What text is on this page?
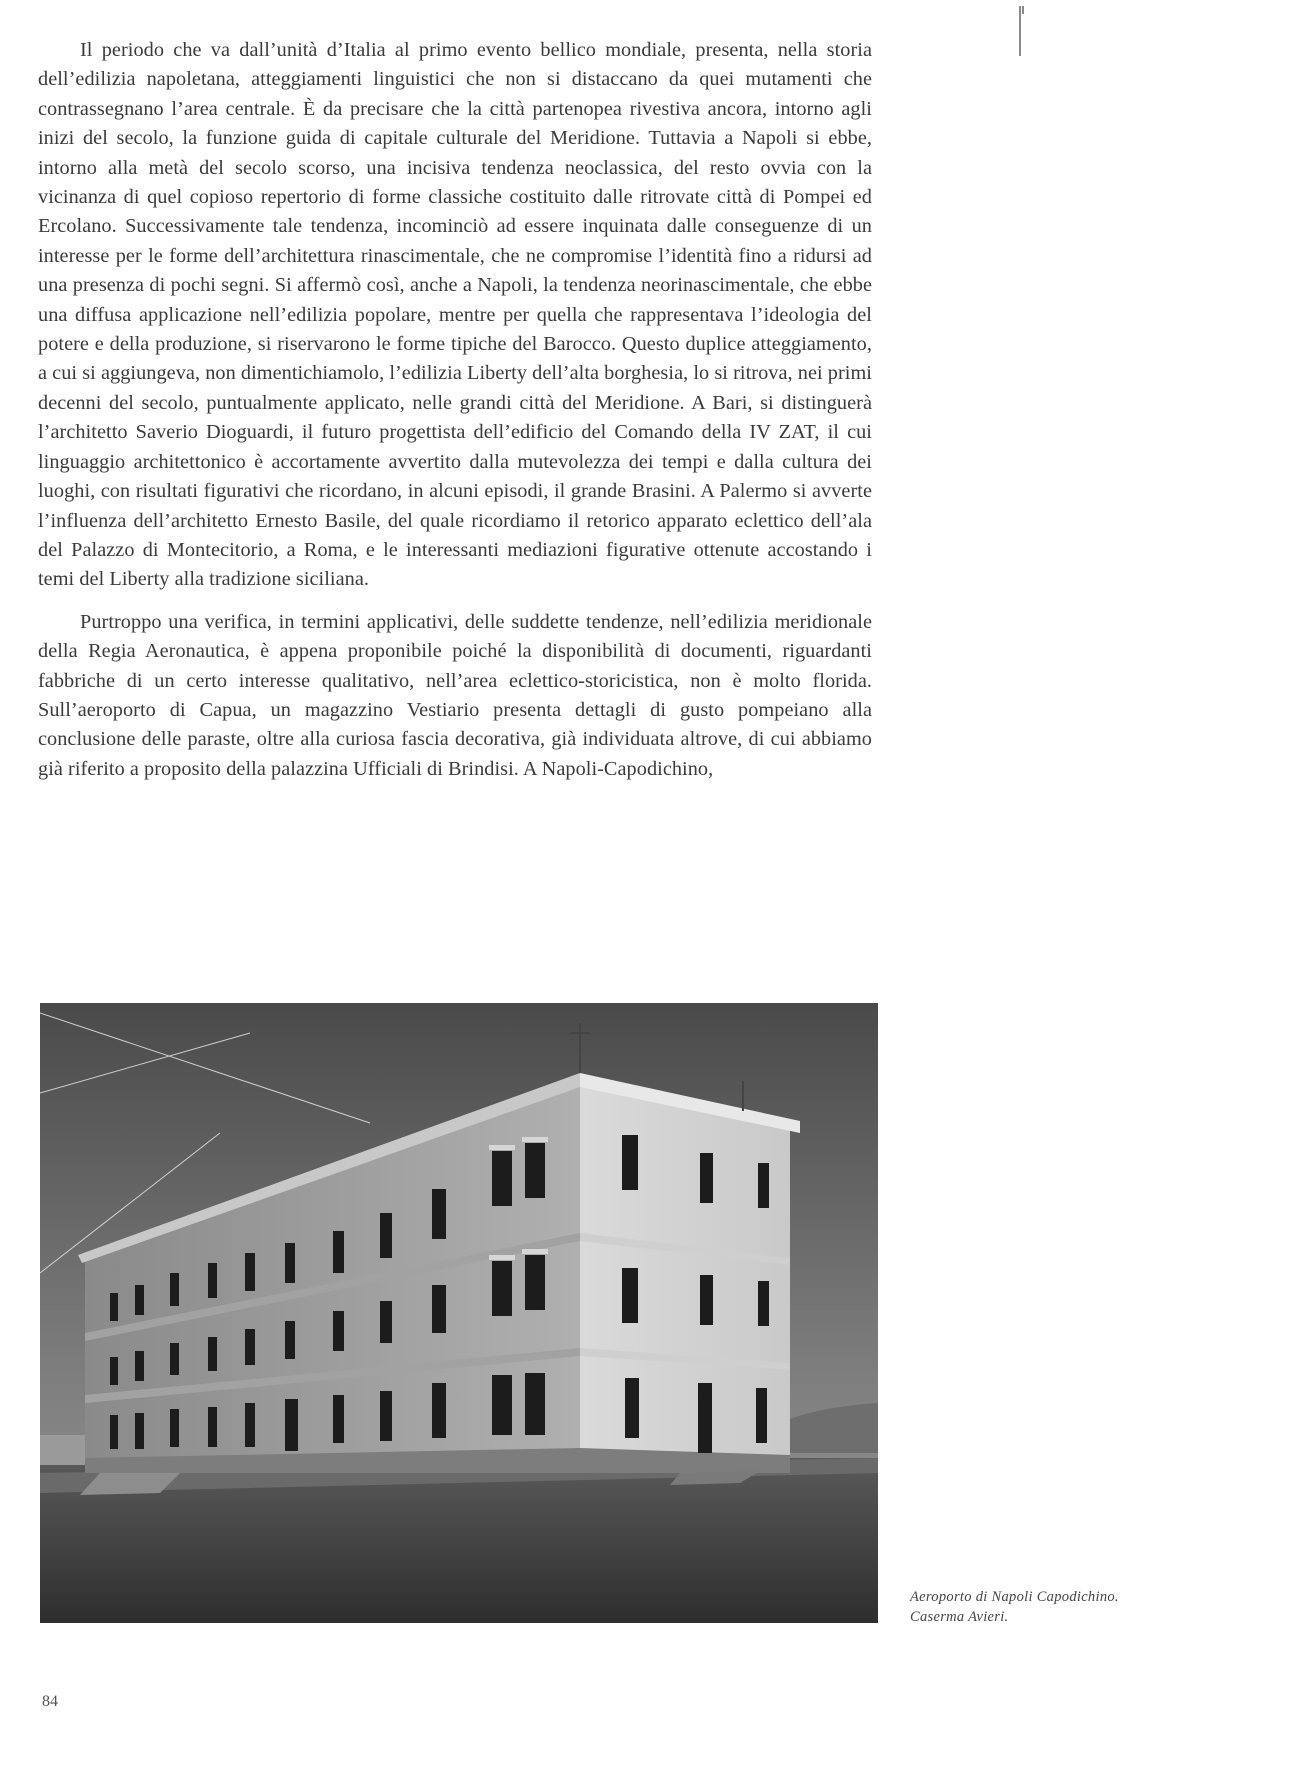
Il periodo che va dall’unità d’Italia al primo evento bellico mondiale, presenta, nella storia dell’edilizia napoletana, atteggiamenti linguistici che non si distaccano da quei mutamenti che contrassegnano l’area centrale. È da precisare che la città partenopea rivestiva ancora, intorno agli inizi del secolo, la funzione guida di capitale culturale del Meridione. Tuttavia a Napoli si ebbe, intorno alla metà del secolo scorso, una incisiva tendenza neoclassica, del resto ovvia con la vicinanza di quel copioso repertorio di forme classiche costituito dalle ritrovate città di Pompei ed Ercolano. Successivamente tale tendenza, incominciò ad essere inquinata dalle conseguenze di un interesse per le forme dell’architettura rinascimentale, che ne compromise l’identità fino a ridursi ad una presenza di pochi segni. Si affermò così, anche a Napoli, la tendenza neorinascimentale, che ebbe una diffusa applicazione nell’edilizia popolare, mentre per quella che rappresentava l’ideologia del potere e della produzione, si riservarono le forme tipiche del Barocco. Questo duplice atteggiamento, a cui si aggiungeva, non dimentichiamolo, l’edilizia Liberty dell’alta borghesia, lo si ritrova, nei primi decenni del secolo, puntualmente applicato, nelle grandi città del Meridione. A Bari, si distinguerà l’architetto Saverio Dioguardi, il futuro progettista dell’edificio del Comando della IV ZAT, il cui linguaggio architettonico è accortamente avvertito dalla mutevolezza dei tempi e dalla cultura dei luoghi, con risultati figurativi che ricordano, in alcuni episodi, il grande Brasini. A Palermo si avverte l’influenza dell’architetto Ernesto Basile, del quale ricordiamo il retorico apparato eclettico dell’ala del Palazzo di Montecitorio, a Roma, e le interessanti mediazioni figurative ottenute accostando i temi del Liberty alla tradizione siciliana.

Purtroppo una verifica, in termini applicativi, delle suddette tendenze, nell’edilizia meridionale della Regia Aeronautica, è appena proponibile poiché la disponibilità di documenti, riguardanti fabbriche di un certo interesse qualitativo, nell’area eclettico-storicistica, non è molto florida. Sull’aeroporto di Capua, un magazzino Vestiario presenta dettagli di gusto pompeiano alla conclusione delle paraste, oltre alla curiosa fascia decorativa, già individuata altrove, di cui abbiamo già riferito a proposito della palazzina Ufficiali di Brindisi. A Napoli-Capodichino,

Aeroporto di Napoli Capodichino.
Caserma Avieri.
84
